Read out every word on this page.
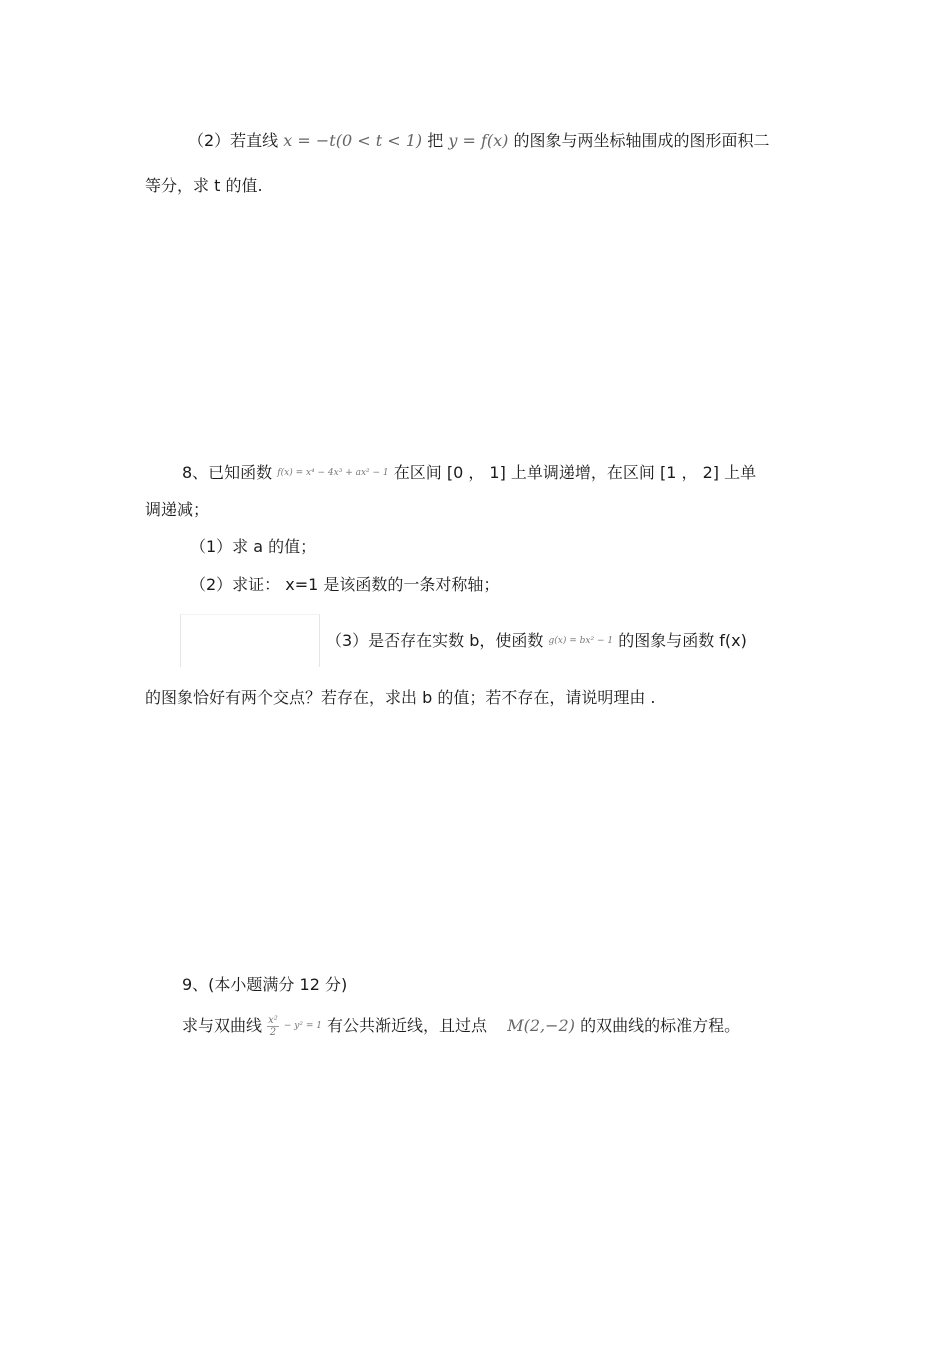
（2）若直线 x = −t(0 < t < 1) 把 y = f(x) 的图象与两坐标轴围成的图形面积二
等分，求 t 的值.
8、已知函数 f(x) = x⁴ − 4x³ + ax² − 1 在区间 [0 ， 1] 上单调递增，在区间 [1 ， 2] 上单
调递减；
（1）求 a 的值；
（2）求证： x=1 是该函数的一条对称轴；
（3）是否存在实数 b，使函数 g(x) = bx² − 1 的图象与函数 f(x)
的图象恰好有两个交点？若存在，求出 b 的值；若不存在，请说明理由 .
9、(本小题满分 12 分)
求与双曲线 $\frac{\text{x²}}{2} - y^2 = 1$ 有公共渐近线，且过点 M(2,−2) 的双曲线的标准方程。
